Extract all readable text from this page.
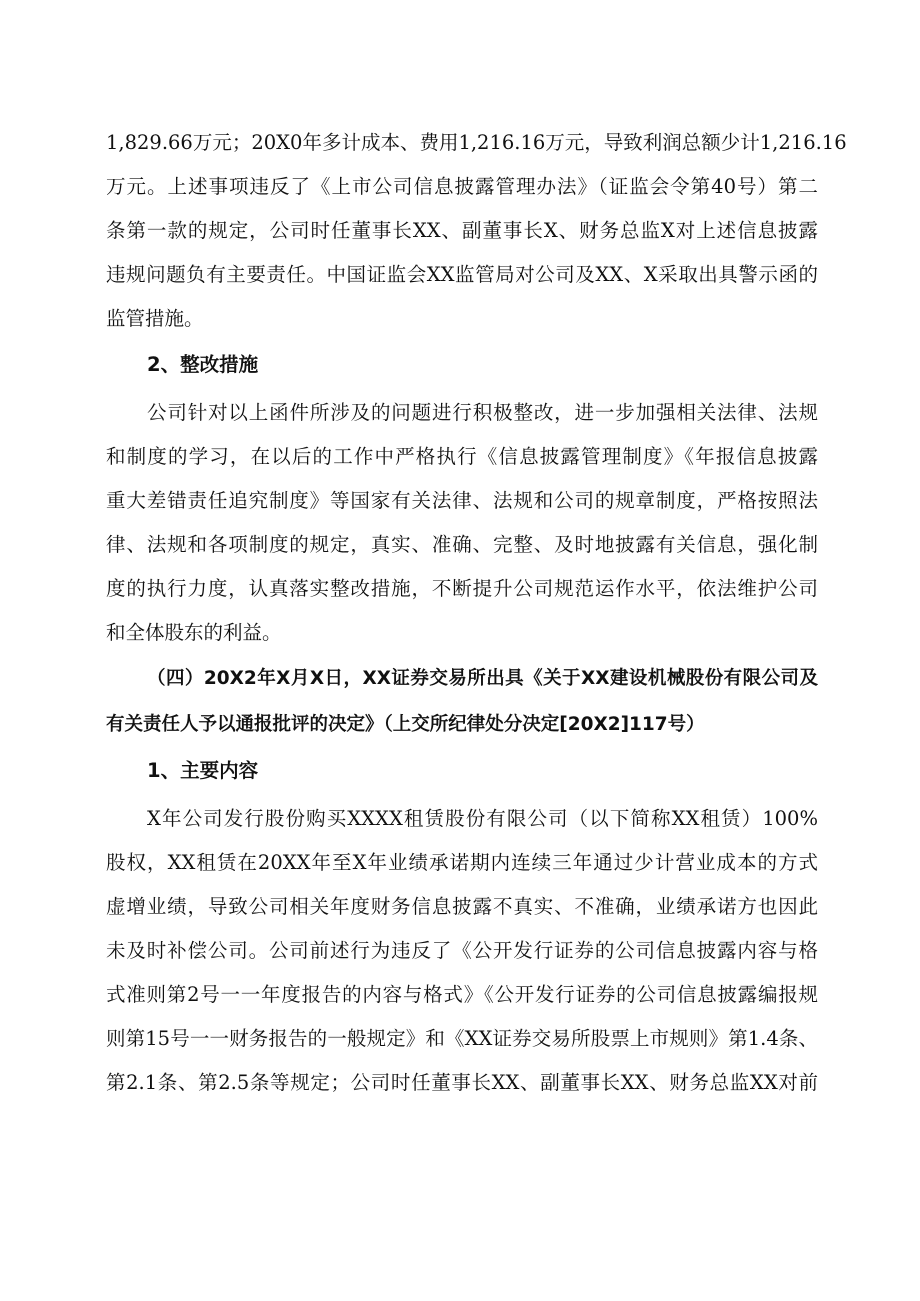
1,829.66万元；20X0年多计成本、费用1,216.16万元，导致利润总额少计1,216.16
万元。上述事项违反了《上市公司信息披露管理办法》（证监会令第40号）第二
条第一款的规定，公司时任董事长XX、副董事长X、财务总监X对上述信息披露
违规问题负有主要责任。中国证监会XX监管局对公司及XX、X采取出具警示函的
监管措施。
2、整改措施
公司针对以上函件所涉及的问题进行积极整改，进一步加强相关法律、法规
和制度的学习，在以后的工作中严格执行《信息披露管理制度》《年报信息披露
重大差错责任追究制度》等国家有关法律、法规和公司的规章制度，严格按照法
律、法规和各项制度的规定，真实、准确、完整、及时地披露有关信息，强化制
度的执行力度，认真落实整改措施，不断提升公司规范运作水平，依法维护公司
和全体股东的利益。
（四）20X2年X月X日，XX证券交易所出具《关于XX建设机械股份有限公司及
有关责任人予以通报批评的决定》（上交所纪律处分决定[20X2]117号）
1、主要内容
X年公司发行股份购买XXXX租赁股份有限公司（以下简称XX租赁）100%
股权，XX租赁在20XX年至X年业绩承诺期内连续三年通过少计营业成本的方式
虚增业绩，导致公司相关年度财务信息披露不真实、不准确，业绩承诺方也因此
未及时补偿公司。公司前述行为违反了《公开发行证券的公司信息披露内容与格
式准则第2号一一年度报告的内容与格式》《公开发行证券的公司信息披露编报规
则第15号一一财务报告的一般规定》和《XX证券交易所股票上市规则》第1.4条、
第2.1条、第2.5条等规定；公司时任董事长XX、副董事长XX、财务总监XX对前
